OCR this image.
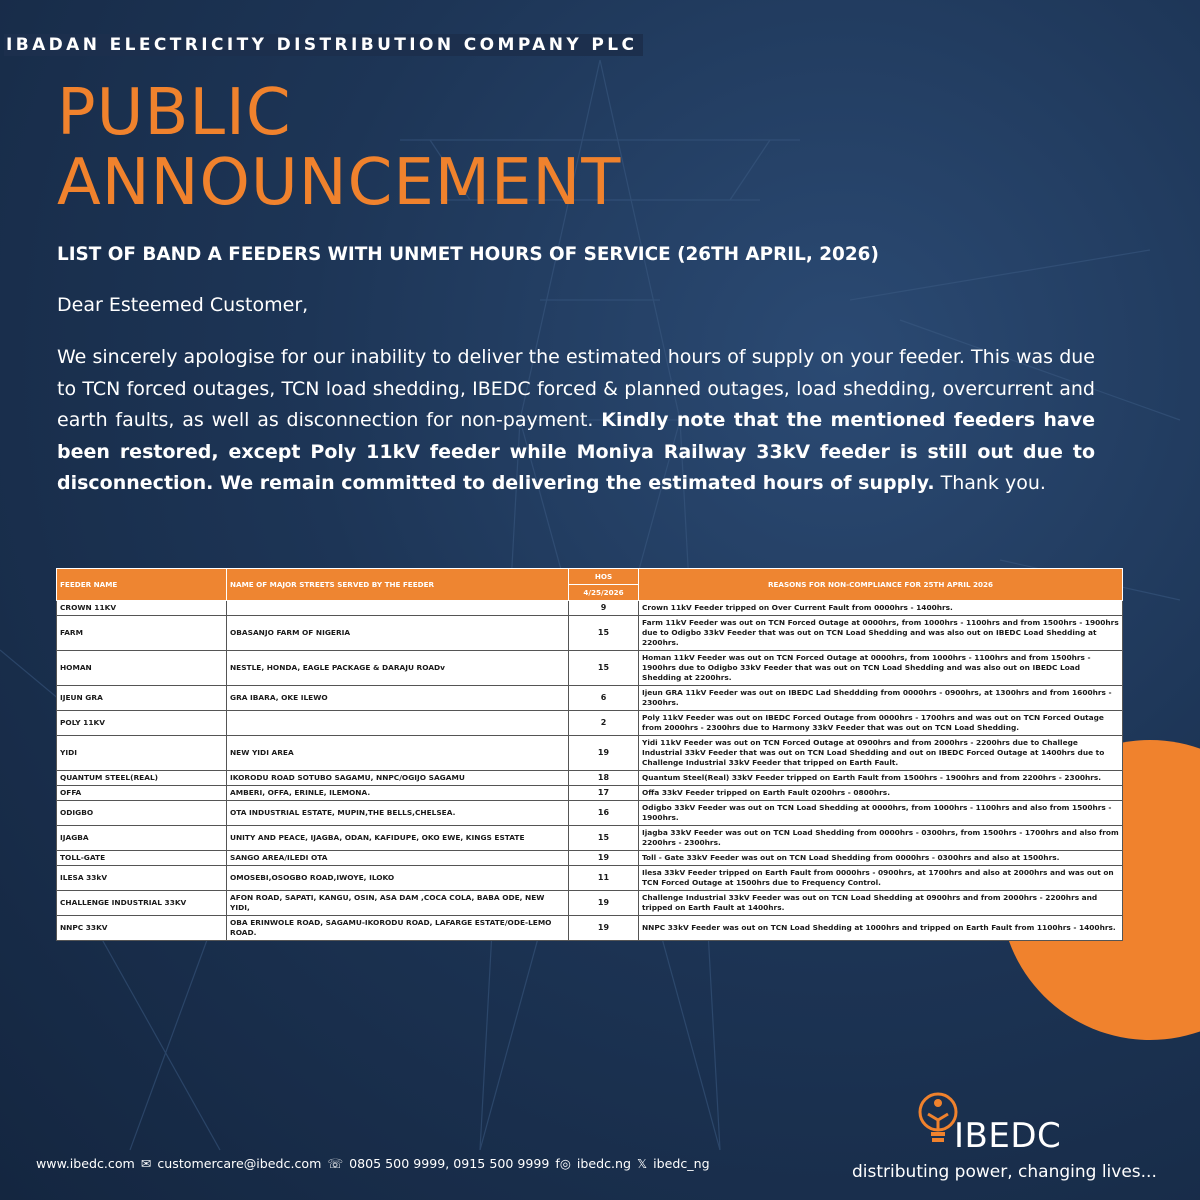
IBADAN ELECTRICITY DISTRIBUTION COMPANY PLC
PUBLIC
ANNOUNCEMENT
LIST OF BAND A FEEDERS WITH UNMET HOURS OF SERVICE (26TH APRIL, 2026)
Dear Esteemed Customer,
We sincerely apologise for our inability to deliver the estimated hours of supply on your feeder. This was due to TCN forced outages, TCN load shedding, IBEDC forced & planned outages, load shedding, overcurrent and earth faults, as well as disconnection for non-payment. Kindly note that the mentioned feeders have been restored, except Poly 11kV feeder while Moniya Railway 33kV feeder is still out due to disconnection. We remain committed to delivering the estimated hours of supply. Thank you.
FEEDER NAME	NAME OF MAJOR STREETS SERVED BY THE FEEDER	HOS	REASONS FOR NON-COMPLIANCE FOR 25TH APRIL 2026
		4/25/2026	
CROWN 11KV		9	Crown 11kV Feeder tripped on Over Current Fault from 0000hrs - 1400hrs.
FARM	OBASANJO FARM OF NIGERIA	15	Farm 11kV Feeder was out on TCN Forced Outage at 0000hrs, from 1000hrs - 1100hrs and from 1500hrs - 1900hrs due to Odigbo 33kV Feeder that was out on TCN Load Shedding and was also out on IBEDC Load Shedding at 2200hrs.
HOMAN	NESTLE, HONDA, EAGLE PACKAGE & DARAJU ROADv	15	Homan 11kV Feeder was out on TCN Forced Outage at 0000hrs, from 1000hrs - 1100hrs and from 1500hrs - 1900hrs due to Odigbo 33kV Feeder that was out on TCN Load Shedding and was also out on IBEDC Load Shedding at 2200hrs.
IJEUN GRA	GRA IBARA, OKE ILEWO	6	Ijeun GRA 11kV Feeder was out on IBEDC Lad Sheddding from 0000hrs - 0900hrs, at 1300hrs and from 1600hrs - 2300hrs.
POLY 11KV		2	Poly 11kV Feeder was out on IBEDC Forced Outage from 0000hrs - 1700hrs and was out on TCN Forced Outage from 2000hrs - 2300hrs due to Harmony 33kV Feeder that was out on TCN Load Shedding.
YIDI	NEW YIDI AREA	19	Yidi 11kV Feeder was out on TCN Forced Outage at 0900hrs and from 2000hrs - 2200hrs due to Challege Industrial 33kV Feeder that was out on TCN Load Shedding and out on IBEDC Forced Outage at 1400hrs due to Challenge Industrial 33kV Feeder that tripped on Earth Fault.
QUANTUM STEEL(REAL)	IKORODU ROAD SOTUBO SAGAMU, NNPC/OGIJO SAGAMU	18	Quantum Steel(Real) 33kV Feeder tripped on Earth Fault from 1500hrs - 1900hrs and from 2200hrs - 2300hrs.
OFFA	AMBERI, OFFA, ERINLE, ILEMONA.	17	Offa 33kV Feeder tripped on Earth Fault 0200hrs - 0800hrs.
ODIGBO	OTA INDUSTRIAL ESTATE, MUPIN,THE BELLS,CHELSEA.	16	Odigbo 33kV Feeder was out on TCN Load Shedding at 0000hrs, from 1000hrs - 1100hrs and also from 1500hrs - 1900hrs.
IJAGBA	UNITY AND PEACE, IJAGBA, ODAN, KAFIDUPE, OKO EWE, KINGS ESTATE	15	Ijagba 33kV Feeder was out on TCN Load Shedding from 0000hrs - 0300hrs, from 1500hrs - 1700hrs and also from 2200hrs - 2300hrs.
TOLL-GATE	SANGO AREA/ILEDI OTA	19	Toll - Gate 33kV Feeder was out on TCN Load Shedding from 0000hrs - 0300hrs and also at 1500hrs.
ILESA 33kV	OMOSEBI,OSOGBO ROAD,IWOYE, ILOKO	11	Ilesa 33kV Feeder tripped on Earth Fault from 0000hrs - 0900hrs, at 1700hrs and also at 2000hrs and was out on TCN Forced Outage at 1500hrs due to Frequency Control.
CHALLENGE INDUSTRIAL 33KV	AFON ROAD, SAPATI, KANGU, OSIN, ASA DAM ,COCA COLA, BABA ODE, NEW YIDI,	19	Challenge Industrial 33kV Feeder was out on TCN Load Shedding at 0900hrs and from 2000hrs - 2200hrs and tripped on Earth Fault at 1400hrs.
NNPC 33KV	OBA ERINWOLE ROAD, SAGAMU-IKORODU ROAD, LAFARGE ESTATE/ODE-LEMO ROAD.	19	NNPC 33kV Feeder was out on TCN Load Shedding at 1000hrs and tripped on Earth Fault from 1100hrs - 1400hrs.
www.ibedc.com ✉ customercare@ibedc.com ☏ 0805 500 9999, 0915 500 9999 f◎ ibedc.ng 𝕏 ibedc_ng
IBEDC
distributing power, changing lives...
